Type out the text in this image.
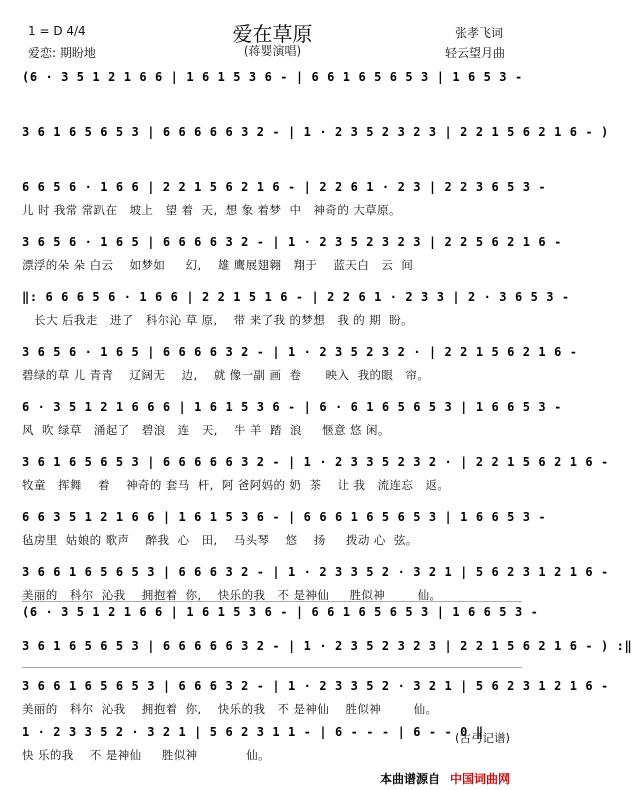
1 = D 4/4	爱在草原
(蒋婴演唱)
张孝飞词
爱恋: 期盼地	轻云望月曲
(6 · 3 5 1 2 1 6 6 | 1 6 1 5 3 6 - | 6 6 1 6 5 6 5 3 | 1 6 5 3 -
3 6 1 6 5 6 5 3 | 6 6 6 6 6 3 2 - | 1 · 2 3 5 2 3 2 3 | 2 2 1 5 6 2 1 6 - )
6 6 5 6 · 1 6 6 | 2 2 1 5 6 2 1 6 - | 2 2 6 1 · 2 3 | 2 2 3 6 5 3 -
儿 时 我常 常趴在   坡上   望 着  天,  想 象 着梦  中   神奇的 大草原。
3 6 5 6 · 1 6 5 | 6 6 6 6 3 2 - | 1 · 2 3 5 2 3 2 3 | 2 2 5 6 2 1 6 -
漂浮的朵 朵 白云    如梦如     幻,    雄 鹰展翅翱   翔于    蓝天白   云  间
‖: 6 6 6 5 6 · 1 6 6 | 2 2 1 5 1 6 - | 2 2 6 1 · 2 3 3 | 2 · 3 6 5 3 -
长大 后我走   进了   科尔沁 草 原,    带 来了我 的梦想   我 的 期  盼。
3 6 5 6 · 1 6 5 | 6 6 6 6 3 2 - | 1 · 2 3 5 2 3 2 · | 2 2 1 5 6 2 1 6 -
碧绿的草 儿 青青    辽阔无    边,    就 像一副 画  卷      映入  我的眼   帘。
6 · 3 5 1 2 1 6 6 6 | 1 6 1 5 3 6 - | 6 · 6 1 6 5 6 5 3 | 1 6 6 5 3 -
风  吹 绿草   涌起了   碧浪   连   天,    牛 羊  踏  浪     惬意 悠 闲。
3 6 1 6 5 6 5 3 | 6 6 6 6 6 3 2 - | 1 · 2 3 3 5 2 3 2 · | 2 2 1 5 6 2 1 6 -
牧童   挥舞    着    神奇的 套马  杆,  阿 爸阿妈的 奶  茶    让 我   流连忘   返。
6 6 3 5 1 2 1 6 6 | 1 6 1 5 3 6 - | 6 6 6 1 6 5 6 5 3 | 1 6 6 5 3 -
毡房里  姑娘的 歌声    醉我  心   田,    马头琴    悠    扬     拨动 心  弦。
3 6 6 1 6 5 6 5 3 | 6 6 6 3 2 - | 1 · 2 3 3 5 2 · 3 2 1 | 5 6 2 3 1 2 1 6 -
美丽的   科尔  沁我    拥抱着  你,    快乐的我   不 是神仙     胜似神        仙。
(6 · 3 5 1 2 1 6 6 | 1 6 1 5 3 6 - | 6 6 1 6 5 6 5 3 | 1 6 6 5 3 -
3 6 1 6 5 6 5 3 | 6 6 6 6 6 3 2 - | 1 · 2 3 5 2 3 2 3 | 2 2 1 5 6 2 1 6 - ) :‖
3 6 6 1 6 5 6 5 3 | 6 6 6 3 2 - | 1 · 2 3 3 5 2 · 3 2 1 | 5 6 2 3 1 2 1 6 -
美丽的   科尔  沁我    拥抱着  你,    快乐的我   不 是神仙    胜似神        仙。
1 · 2 3 3 5 2 · 3 2 1 | 5 6 2 3 1 1 - | 6 - - - | 6 - - 0 ‖
快 乐的我    不 是神仙     胜似神            仙。
(古弓记谱)
本曲谱源自 中国词曲网
